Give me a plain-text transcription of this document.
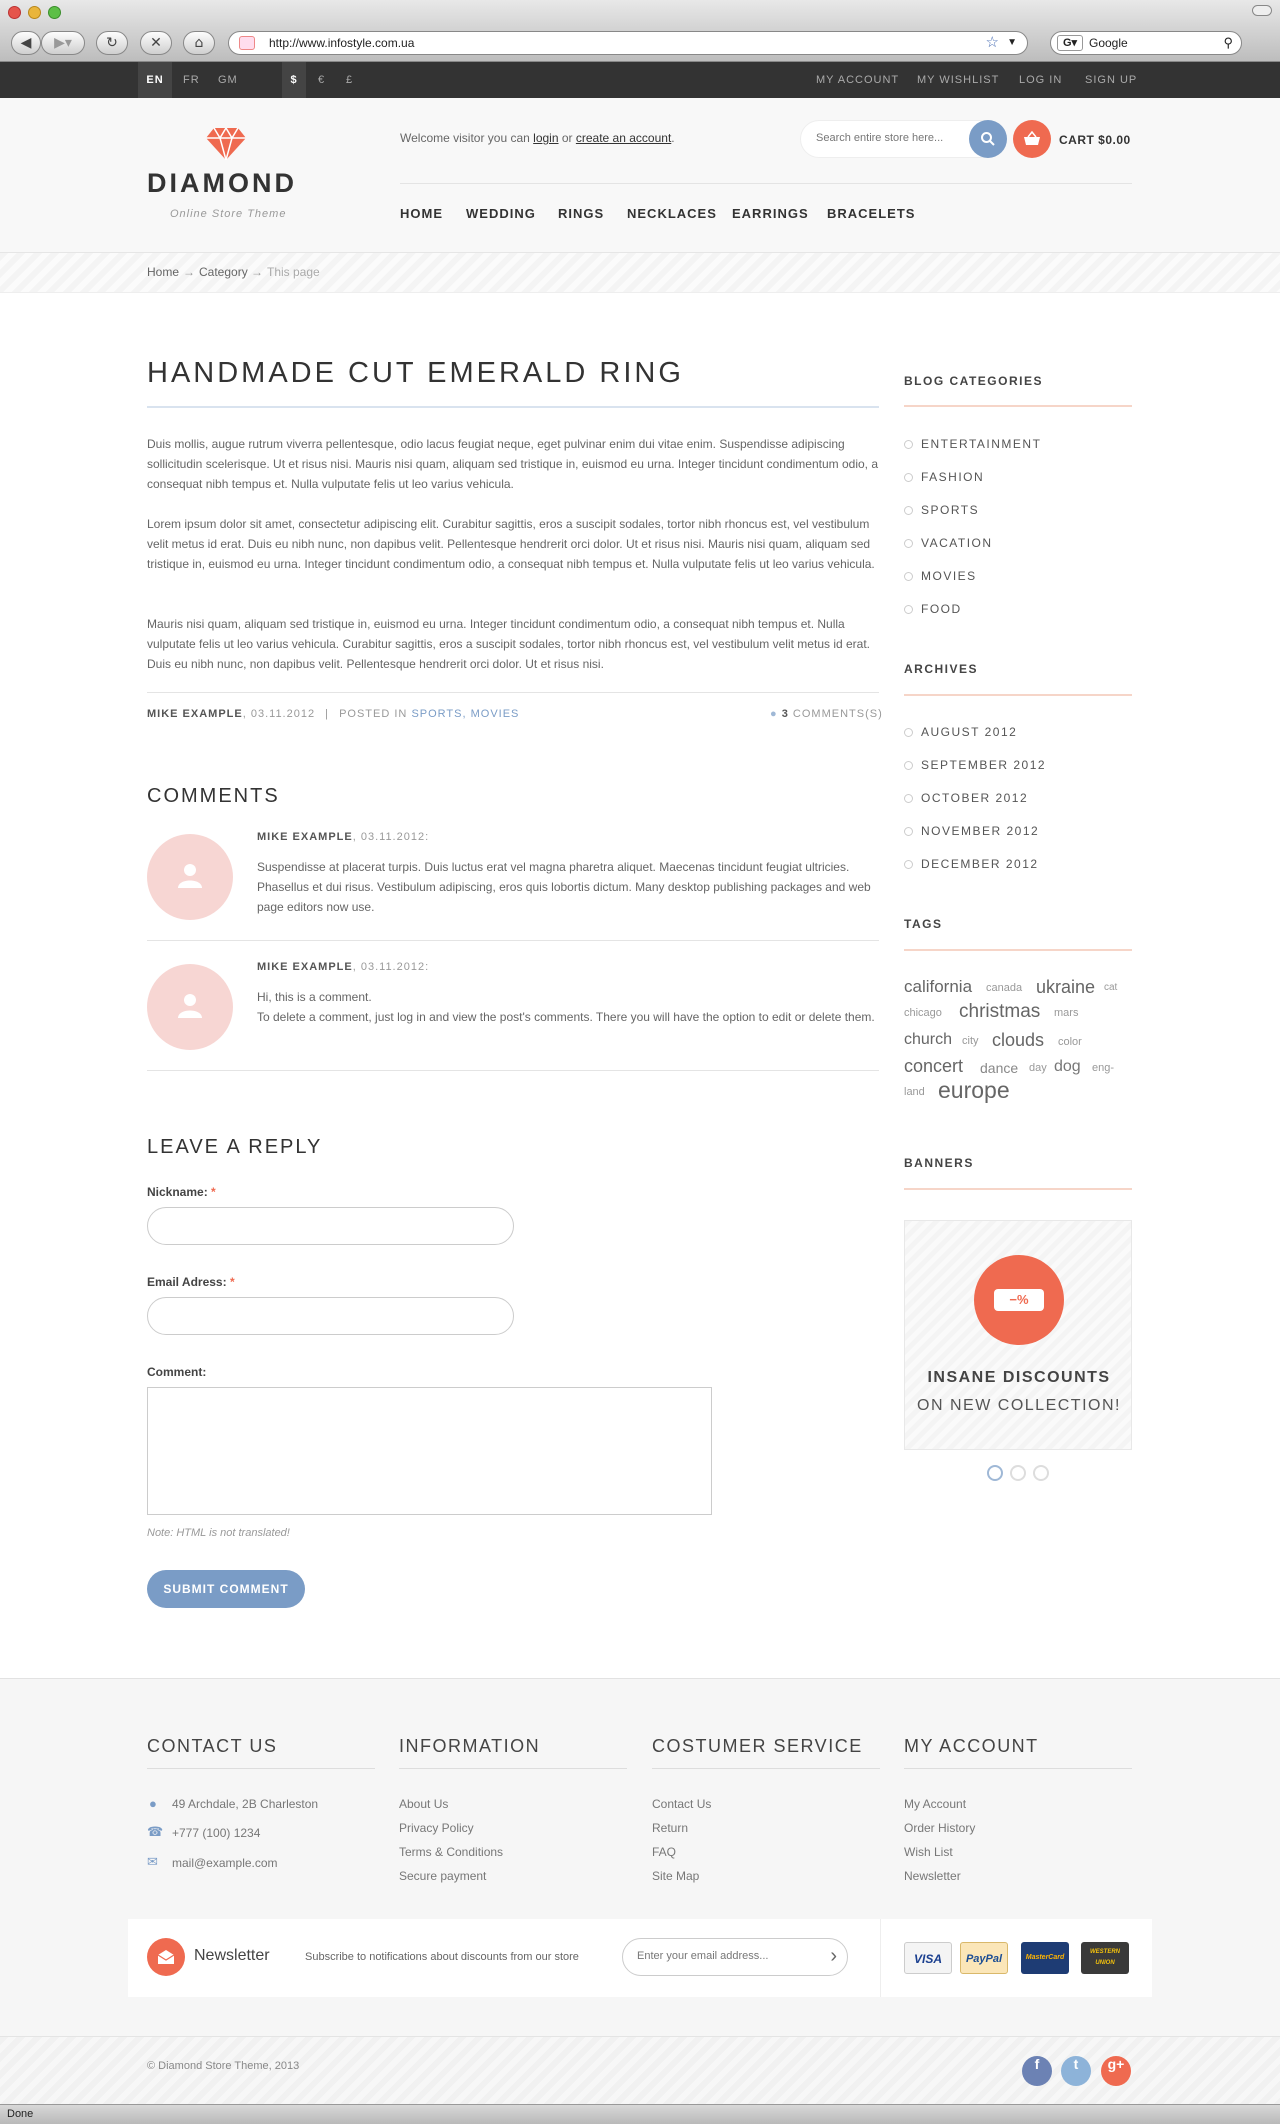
◀	▶▾	↻	✕	⌂	http://www.infostyle.com.ua	☆ ▼	G▾ Google	⚲
EN	FR GM	$	€ £	MY ACCOUNT MY WISHLIST LOG IN SIGN UP
DIAMOND
Online Store Theme
Welcome visitor you can login or create an account.	Search entire store here...	CART $0.00
HOME WEDDING RINGS NECKLACES EARRINGS BRACELETS
Home → Category → This page
HANDMADE CUT EMERALD RING

Duis mollis, augue rutrum viverra pellentesque, odio lacus feugiat neque, eget pulvinar enim dui vitae enim. Suspendisse adipiscing sollicitudin scelerisque. Ut et risus nisi. Mauris nisi quam, aliquam sed tristique in, euismod eu urna. Integer tincidunt condimentum odio, a consequat nibh tempus et. Nulla vulputate felis ut leo varius vehicula.

Lorem ipsum dolor sit amet, consectetur adipiscing elit. Curabitur sagittis, eros a suscipit sodales, tortor nibh rhoncus est, vel vestibulum velit metus id erat. Duis eu nibh nunc, non dapibus velit. Pellentesque hendrerit orci dolor. Ut et risus nisi. Mauris nisi quam, aliquam sed tristique in, euismod eu urna. Integer tincidunt condimentum odio, a consequat nibh tempus et. Nulla vulputate felis ut leo varius vehicula.

Mauris nisi quam, aliquam sed tristique in, euismod eu urna. Integer tincidunt condimentum odio, a consequat nibh tempus et. Nulla vulputate felis ut leo varius vehicula. Curabitur sagittis, eros a suscipit sodales, tortor nibh rhoncus est, vel vestibulum velit metus id erat. Duis eu nibh nunc, non dapibus velit. Pellentesque hendrerit orci dolor. Ut et risus nisi.

MIKE EXAMPLE, 03.11.2012 | POSTED IN SPORTS, MOVIES	● 3 COMMENTS(S)
COMMENTS
MIKE EXAMPLE, 03.11.2012:

Suspendisse at placerat turpis. Duis luctus erat vel magna pharetra aliquet. Maecenas tincidunt feugiat ultricies. Phasellus et dui risus. Vestibulum adipiscing, eros quis lobortis dictum. Many desktop publishing packages and web page editors now use.

MIKE EXAMPLE, 03.11.2012:

Hi, this is a comment.

To delete a comment, just log in and view the post's comments. There you will have the option to edit or delete them.

LEAVE A REPLY
Nickname: *
Email Adress: *
Comment:
Note: HTML is not translated!
SUBMIT COMMENT
BLOG CATEGORIES
ENTERTAINMENT
FASHION
SPORTS
VACATION
MOVIES
FOOD
ARCHIVES
AUGUST 2012
SEPTEMBER 2012
OCTOBER 2012
NOVEMBER 2012
DECEMBER 2012
TAGS
california canada ukraine cat
chicago christmas mars
church city clouds color
concert dance day dog eng-
land europe
BANNERS
−%
INSANE DISCOUNTS
ON NEW COLLECTION!
CONTACT US
● 49 Archdale, 2B Charleston
☎ +777 (100) 1234
✉ mail@example.com
INFORMATION
About Us
Privacy Policy
Terms & Conditions
Secure payment
COSTUMER SERVICE
Contact Us
Return
FAQ
Site Map
MY ACCOUNT
My Account
Order History
Wish List
Newsletter
Newsletter	Subscribe to notifications about discounts from our store	Enter your email address...	›	VISA	PayPal	MasterCard
WESTERN UNION
© Diamond Store Theme, 2013	f	t	g+
Done
